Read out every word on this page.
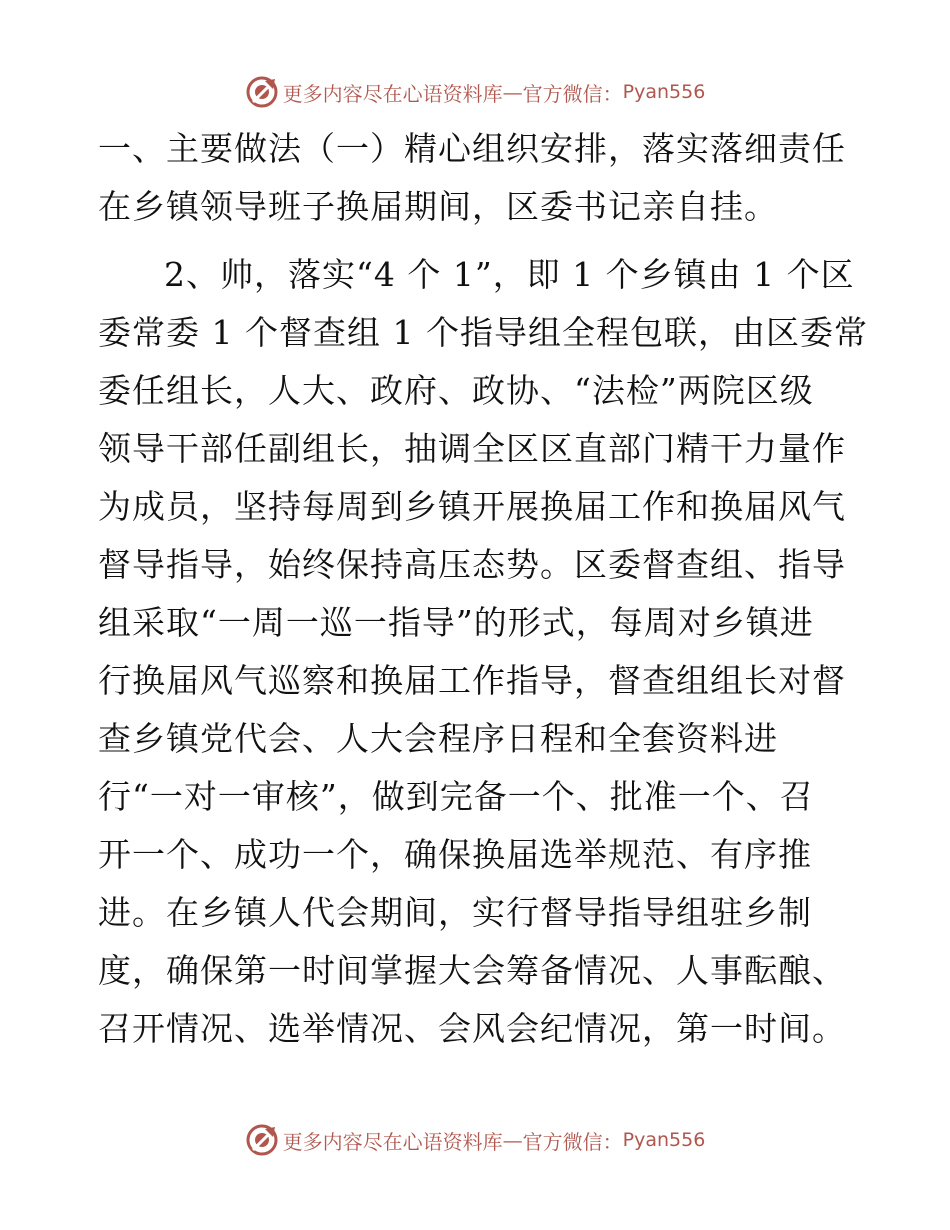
更多内容尽在心语资料库 — 官方微信： Pyan556
一、主要做法（一）精心组织安排，落实落细责任
在乡镇领导班子换届期间，区委书记亲自挂。
2、帅，落实“4 个 1”，即 1 个乡镇由 1 个区
委常委 1 个督查组 1 个指导组全程包联，由区委常
委任组长，人大、政府、政协、“法检”两院区级
领导干部任副组长，抽调全区区直部门精干力量作
为成员，坚持每周到乡镇开展换届工作和换届风气
督导指导，始终保持高压态势。区委督查组、指导
组采取“一周一巡一指导”的形式，每周对乡镇进
行换届风气巡察和换届工作指导，督查组组长对督
查乡镇党代会、人大会程序日程和全套资料进
行“一对一审核”，做到完备一个、批准一个、召
开一个、成功一个，确保换届选举规范、有序推
进。在乡镇人代会期间，实行督导指导组驻乡制
度，确保第一时间掌握大会筹备情况、人事酝酿、
召开情况、选举情况、会风会纪情况，第一时间。
更多内容尽在心语资料库 — 官方微信： Pyan556
